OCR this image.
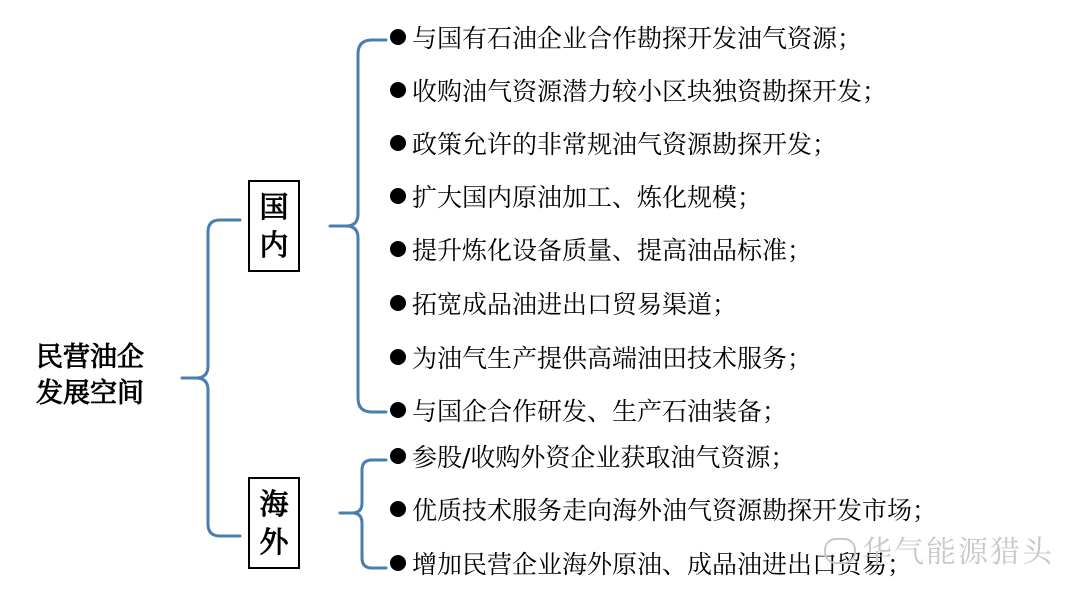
民营油企
发展空间
国
内
海
外
与国有石油企业合作勘探开发油气资源；
收购油气资源潜力较小区块独资勘探开发；
政策允许的非常规油气资源勘探开发；
扩大国内原油加工、炼化规模；
提升炼化设备质量、提高油品标准；
拓宽成品油进出口贸易渠道；
为油气生产提供高端油田技术服务；
与国企合作研发、生产石油装备；
参股/收购外资企业获取油气资源；
优质技术服务走向海外油气资源勘探开发市场；
增加民营企业海外原油、成品油进出口贸易；
华气能源猎头
